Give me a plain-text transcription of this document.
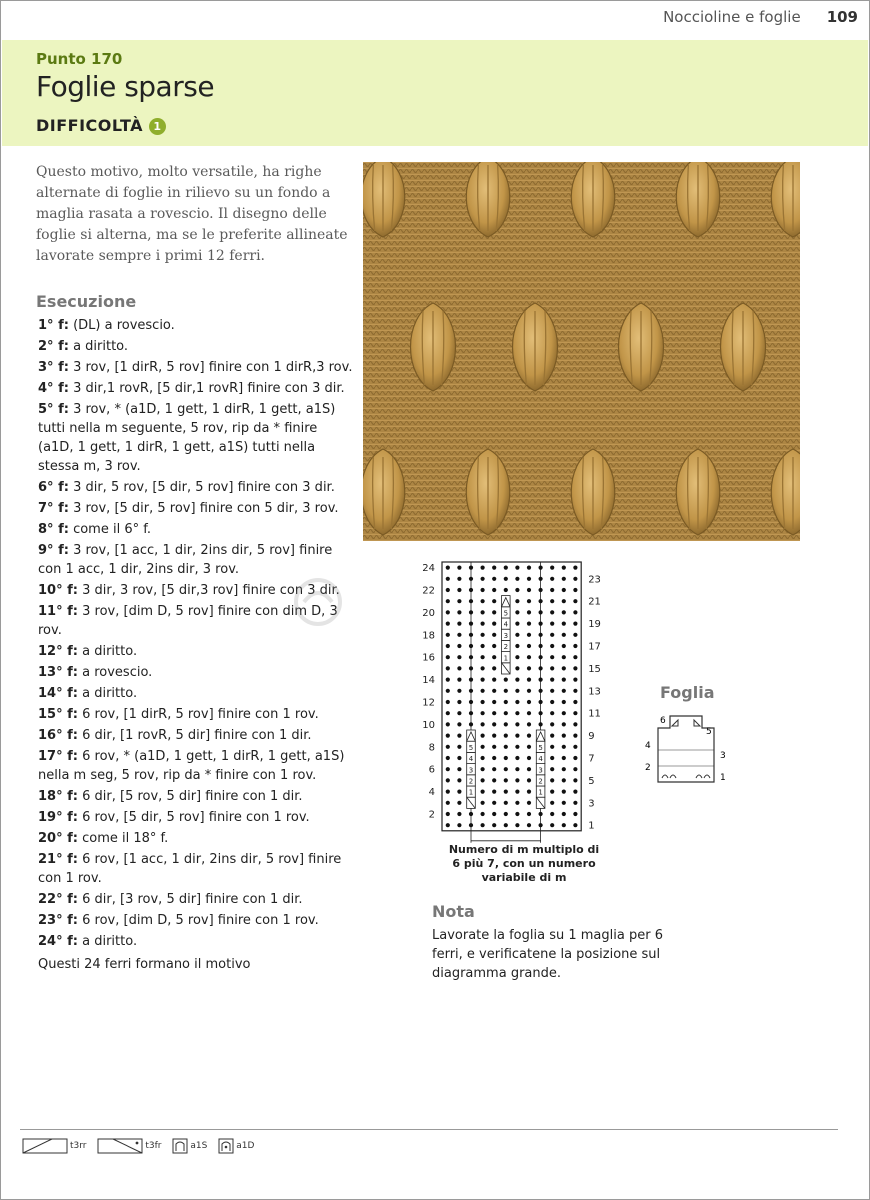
Noccioline e foglie 109
Punto 170
Foglie sparse
DIFFICOLTÀ 1
Questo motivo, molto versatile, ha righe alternate di foglie in rilievo su un fondo a maglia rasata a rovescio. Il disegno delle foglie si alterna, ma se le preferite allineate lavorate sempre i primi 12 ferri.
Esecuzione
1° f: (DL) a rovescio.
2° f: a diritto.
3° f: 3 rov, [1 dirR, 5 rov] finire con 1 dirR,3 rov.
4° f: 3 dir,1 rovR, [5 dir,1 rovR] finire con 3 dir.
5° f: 3 rov, * (a1D, 1 gett, 1 dirR, 1 gett, a1S) tutti nella m seguente, 5 rov, rip da * finire (a1D, 1 gett, 1 dirR, 1 gett, a1S) tutti nella stessa m, 3 rov.
6° f: 3 dir, 5 rov, [5 dir, 5 rov] finire con 3 dir.
7° f: 3 rov, [5 dir, 5 rov] finire con 5 dir, 3 rov.
8° f: come il 6° f.
9° f: 3 rov, [1 acc, 1 dir, 2ins dir, 5 rov] finire con 1 acc, 1 dir, 2ins dir, 3 rov.
10° f: 3 dir, 3 rov, [5 dir,3 rov] finire con 3 dir.
11° f: 3 rov, [dim D, 5 rov] finire con dim D, 3 rov.
12° f: a diritto.
13° f: a rovescio.
14° f: a diritto.
15° f: 6 rov, [1 dirR, 5 rov] finire con 1 rov.
16° f: 6 dir, [1 rovR, 5 dir] finire con 1 dir.
17° f: 6 rov, * (a1D, 1 gett, 1 dirR, 1 gett, a1S) nella m seg, 5 rov, rip da * finire con 1 rov.
18° f: 6 dir, [5 rov, 5 dir] finire con 1 dir.
19° f: 6 rov, [5 dir, 5 rov] finire con 1 rov.
20° f: come il 18° f.
21° f: 6 rov, [1 acc, 1 dir, 2ins dir, 5 rov] finire con 1 rov.
22° f: 6 dir, [3 rov, 5 dir] finire con 1 dir.
23° f: 6 rov, [dim D, 5 rov] finire con 1 rov.
24° f: a diritto.
Questi 24 ferri formano il motivo
1
2
3
4
5
1
2
3
4
5
1
2
3
4
5
24
22
20
18
16
14
12
10
8
6
4
2
23
21
19
17
15
13
11
9
7
5
3
1
Numero di m multiplo di 6 più 7, con un numero variabile di m
Foglia
6
5
4
3
2
1
Nota
Lavorate la foglia su 1 maglia per 6 ferri, e verificatene la posizione sul diagramma grande.
t3rr	t3fr	a1S	a1D
